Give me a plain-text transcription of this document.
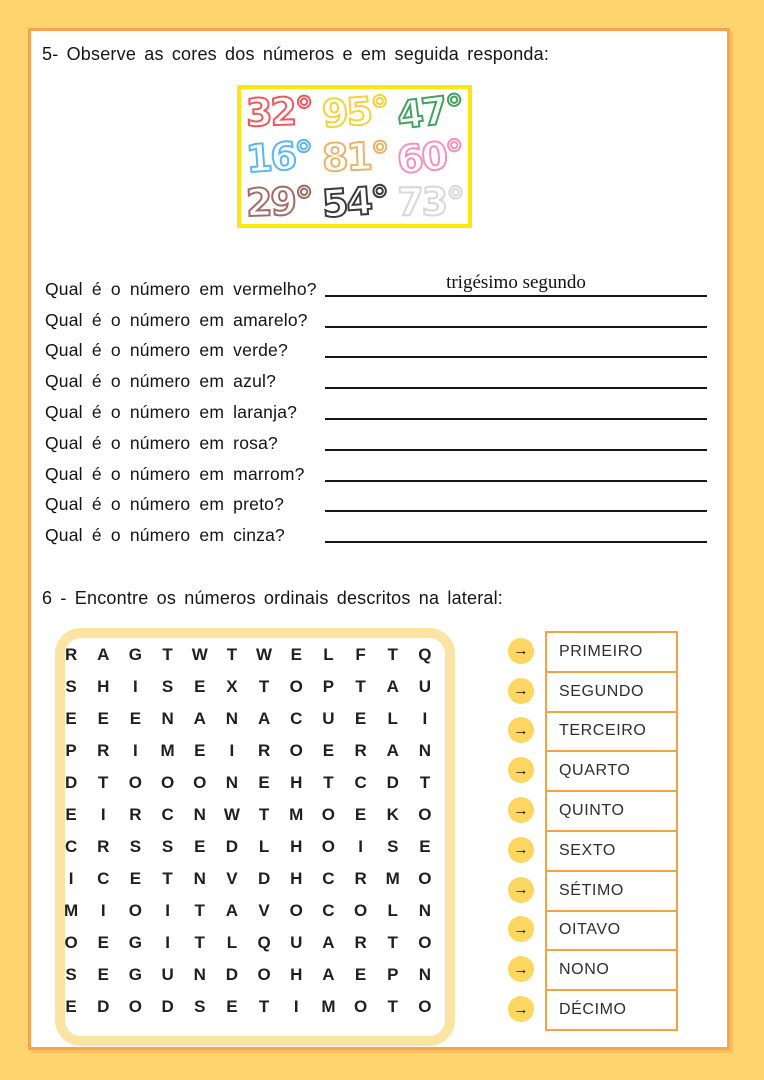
5- Observe as cores dos números e em seguida responda:
32° 95° 47°
16° 81° 60°
29° 54° 73°
Qual é o número em vermelho?	trigésimo segundo
Qual é o número em amarelo?
Qual é o número em verde?
Qual é o número em azul?
Qual é o número em laranja?
Qual é o número em rosa?
Qual é o número em marrom?
Qual é o número em preto?
Qual é o número em cinza?
6 - Encontre os números ordinais descritos na lateral:
R	A	G	T	W	T	W	E	L	F	T	Q
S	H	I	S	E	X	T	O	P	T	A	U
E	E	E	N	A	N	A	C	U	E	L	I
P	R	I	M	E	I	R	O	E	R	A	N
D	T	O	O	O	N	E	H	T	C	D	T
E	I	R	C	N	W	T	M	O	E	K	O
C	R	S	S	E	D	L	H	O	I	S	E
I	C	E	T	N	V	D	H	C	R	M	O
M	I	O	I	T	A	V	O	C	O	L	N
O	E	G	I	T	L	Q	U	A	R	T	O
S	E	G	U	N	D	O	H	A	E	P	N
E	D	O	D	S	E	T	I	M	O	T	O
→
→
→
→
→
→
→
→
→
→
PRIMEIRO
SEGUNDO
TERCEIRO
QUARTO
QUINTO
SEXTO
SÉTIMO
OITAVO
NONO
DÉCIMO
